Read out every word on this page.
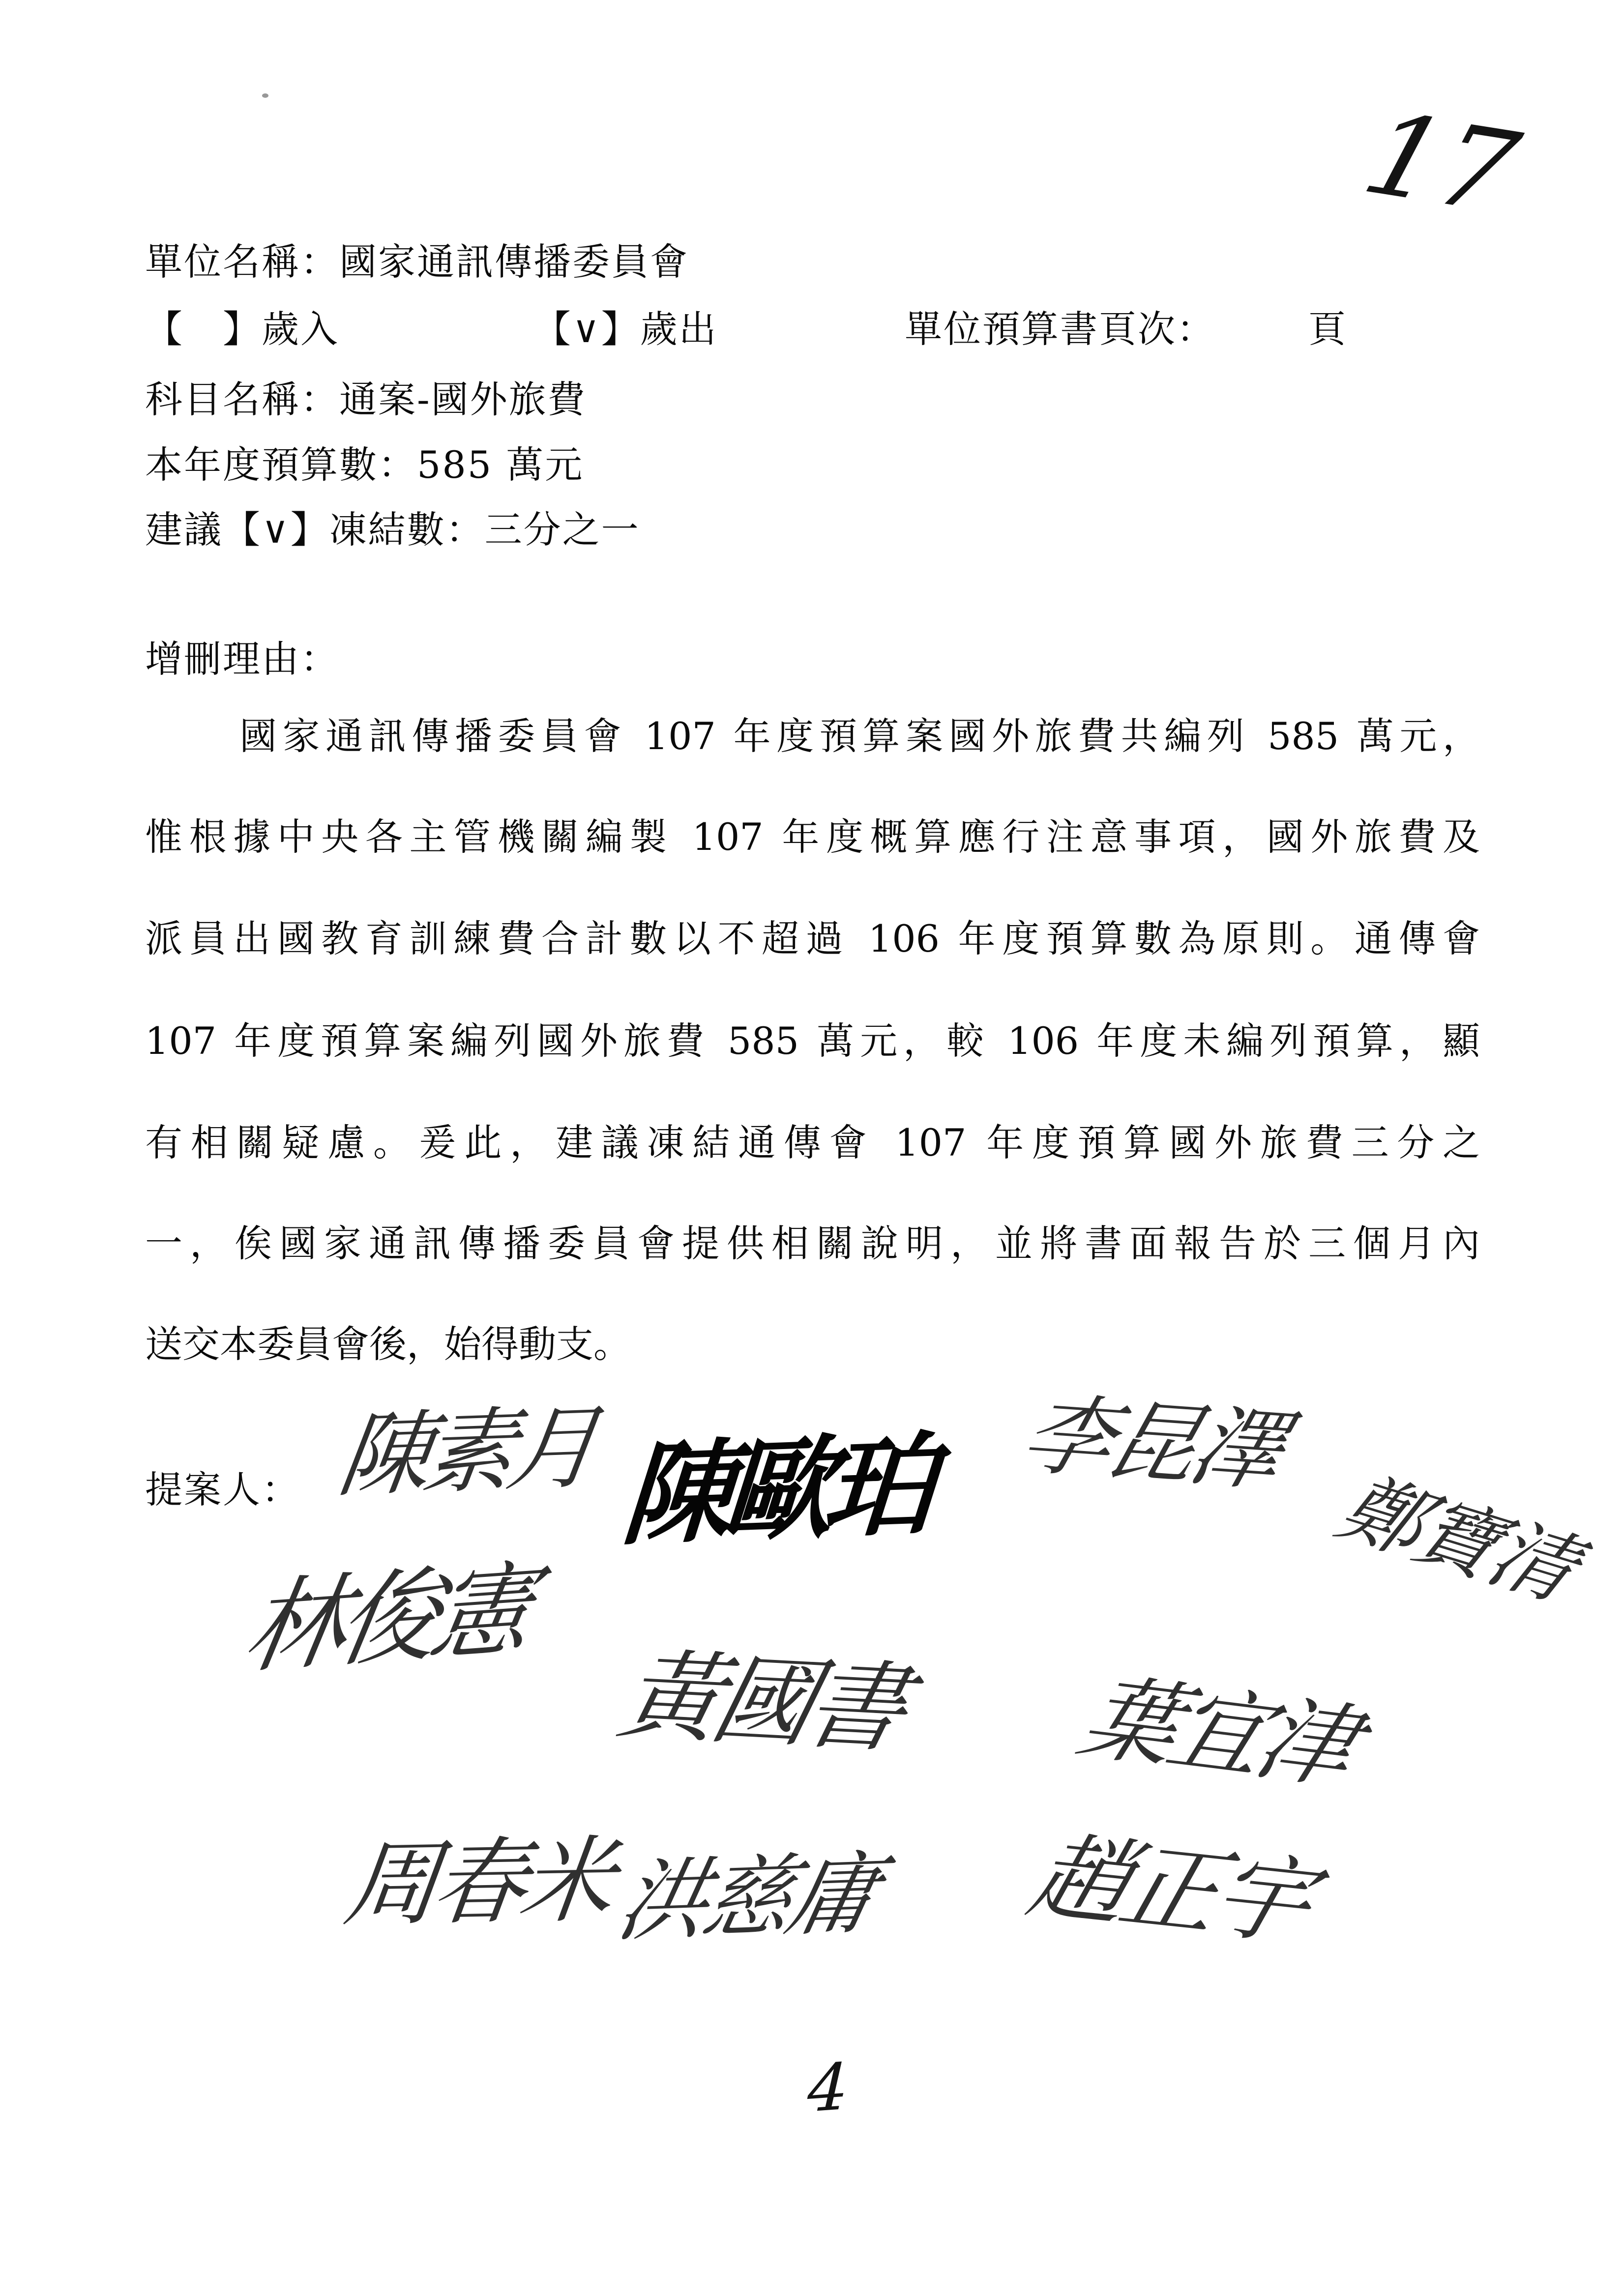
17
單位名稱：國家通訊傳播委員會
【　】歲入	【∨】歲出	單位預算書頁次： 頁
科目名稱：通案-國外旅費
本年度預算數：585 萬元
建議【∨】凍結數：三分之一
增刪理由：
國家通訊傳播委員會 107 年度預算案國外旅費共編列 585 萬元，
惟根據中央各主管機關編製 107 年度概算應行注意事項，國外旅費及
派員出國教育訓練費合計數以不超過 106 年度預算數為原則。通傳會
107 年度預算案編列國外旅費 585 萬元，較 106 年度未編列預算，顯
有相關疑慮。爰此，建議凍結通傳會 107 年度預算國外旅費三分之
一，俟國家通訊傳播委員會提供相關說明，並將書面報告於三個月內
送交本委員會後，始得動支。
提案人： 陳素月 陳歐珀 李昆澤
鄭寶清
林俊憲
黃國書 葉宜津
周春米
洪慈庸 趙正宇
4
